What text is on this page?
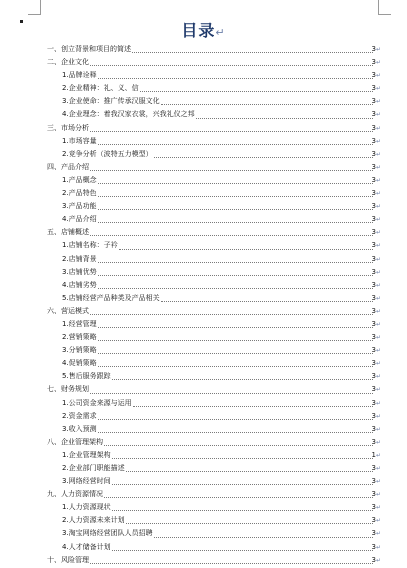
目录↵
一、创立背景和项目的简述	3 ↵
二、企业文化	3 ↵
1.品牌诠释	3 ↵
2.企业精神：礼、义、信	3 ↵
3.企业使命：推广传承汉服文化	3 ↵
4.企业理念：着我汉家衣裳，兴我礼仪之邦	3 ↵
三、市场分析	3 ↵
1.市场容量	3 ↵
2.竞争分析（波特五力模型）	3 ↵
四、产品介绍	3 ↵
1.产品概念	3 ↵
2.产品特色	3 ↵
3.产品功能	3 ↵
4.产品介绍	3 ↵
五、店铺概述	3 ↵
1.店铺名称：子衿	3 ↵
2.店铺背景	3 ↵
3.店铺优势	3 ↵
4.店铺劣势	3 ↵
5.店铺经营产品种类及产品相关	3 ↵
六、营运模式	3 ↵
1.经营管理	3 ↵
2.营销策略	3 ↵
3.分销策略	3 ↵
4.促销策略	3 ↵
5.售后服务跟踪	3 ↵
七、财务规划	3 ↵
1.公司资金来源与运用	3 ↵
2.资金需求	3 ↵
3.收入预测	3 ↵
八、企业管理架构	3 ↵
1.企业管理架构	1 ↵
2.企业部门职能描述	3 ↵
3.网络经营时间	3 ↵
九、人力资源情况	3 ↵
1.人力资源现状	3 ↵
2.人力资源未来计划	3 ↵
3.淘宝网络经营团队人员招聘	3 ↵
4.人才储备计划	3 ↵
十、风险管理	3 ↵
